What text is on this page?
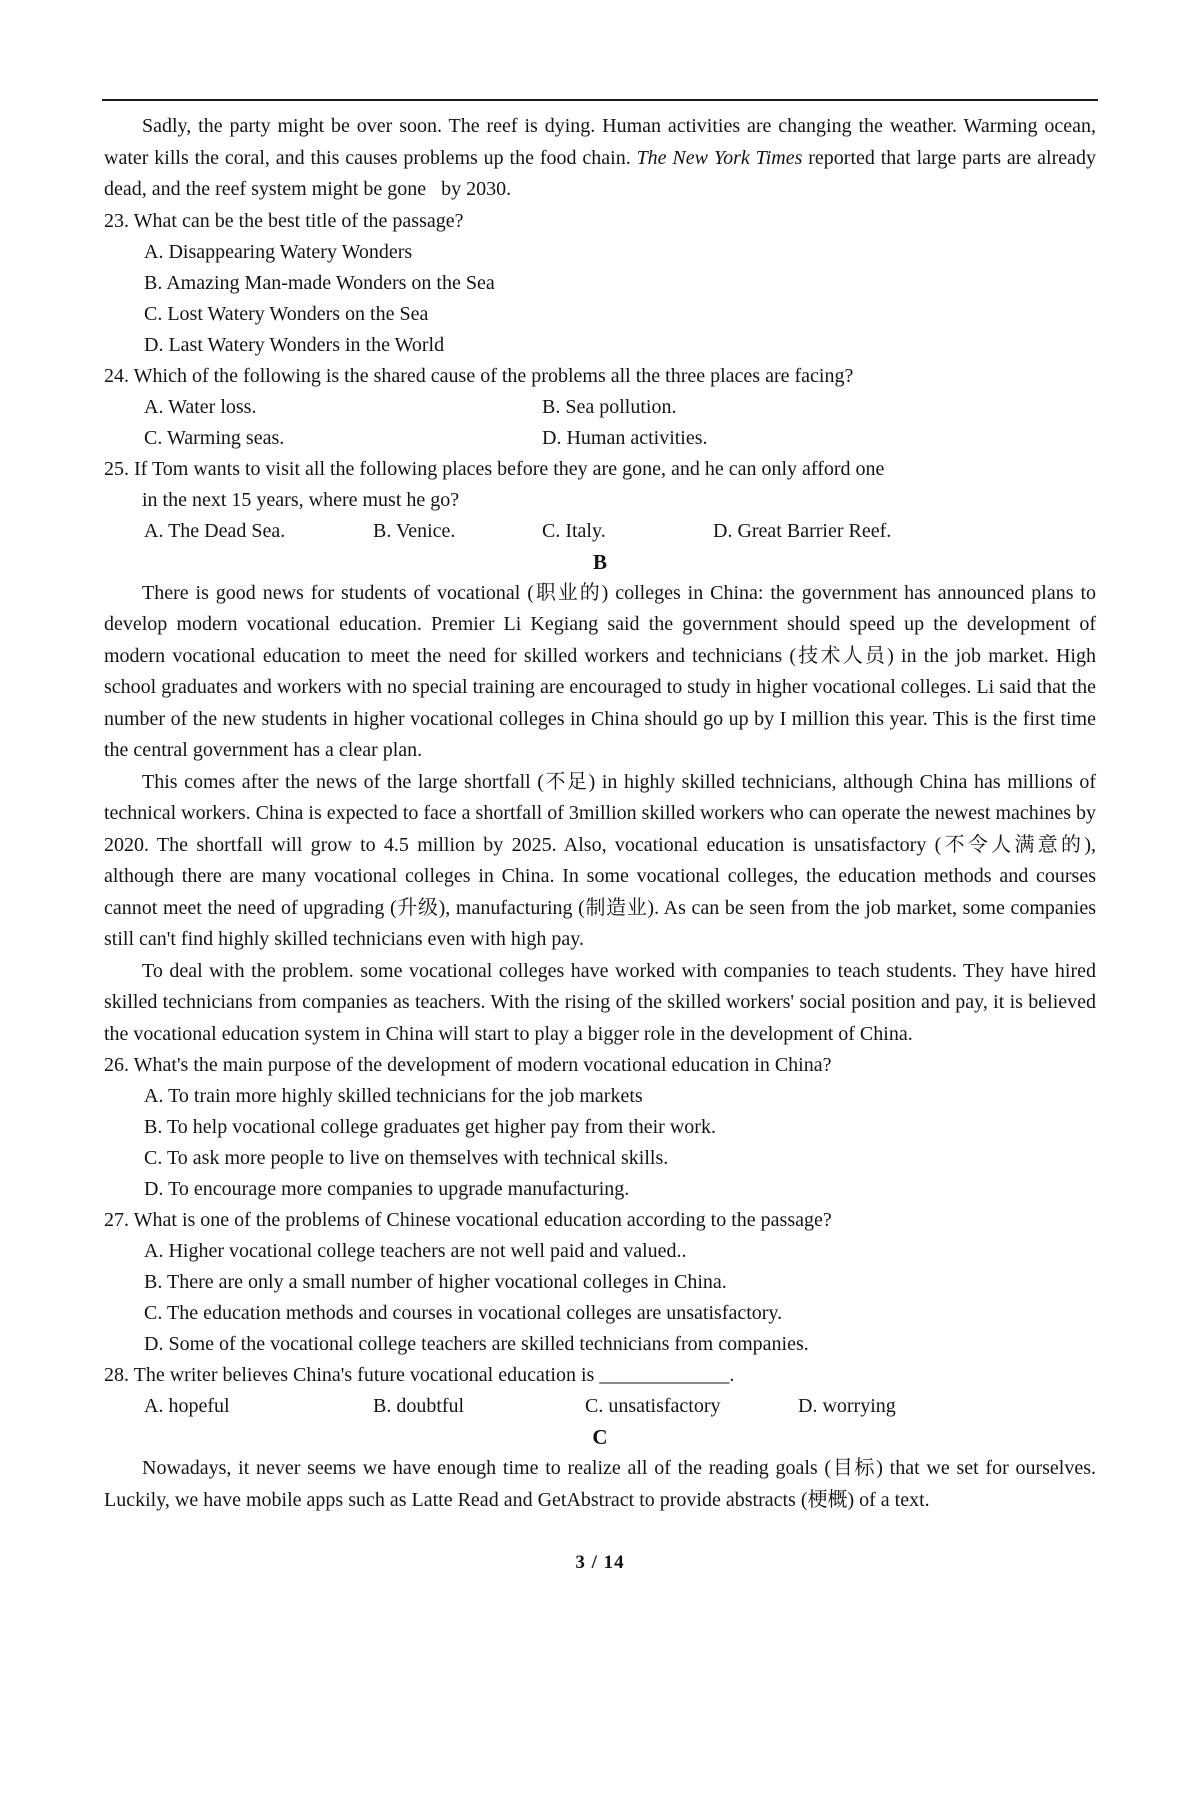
Sadly, the party might be over soon. The reef is dying. Human activities are changing the weather. Warming ocean, water kills the coral, and this causes problems up the food chain. The New York Times reported that large parts are already dead, and the reef system might be gone   by 2030.

23. What can be the best title of the passage?
A. Disappearing Watery Wonders
B. Amazing Man-made Wonders on the Sea
C. Lost Watery Wonders on the Sea
D. Last Watery Wonders in the World
24. Which of the following is the shared cause of the problems all the three places are facing?
A. Water loss.	B. Sea pollution.
C. Warming seas.	D. Human activities.
25. If Tom wants to visit all the following places before they are gone, and he can only afford one
in the next 15 years, where must he go?
A. The Dead Sea.	B. Venice.	C. Italy.	D. Great Barrier Reef.
B

There is good news for students of vocational (职业的) colleges in China: the government has announced plans to develop modern vocational education. Premier Li Kegiang said the government should speed up the development of modern vocational education to meet the need for skilled workers and technicians (技术人员) in the job market. High school graduates and workers with no special training are encouraged to study in higher vocational colleges. Li said that the number of the new students in higher vocational colleges in China should go up by I million this year. This is the first time the central government has a clear plan.

This comes after the news of the large shortfall (不足) in highly skilled technicians, although China has millions of technical workers. China is expected to face a shortfall of 3million skilled workers who can operate the newest machines by 2020. The shortfall will grow to 4.5 million by 2025. Also, vocational education is unsatisfactory (不令人满意的), although there are many vocational colleges in China. In some vocational colleges, the education methods and courses cannot meet the need of upgrading (升级), manufacturing (制造业). As can be seen from the job market, some companies still can't find highly skilled technicians even with high pay.

To deal with the problem. some vocational colleges have worked with companies to teach students. They have hired skilled technicians from companies as teachers. With the rising of the skilled workers' social position and pay, it is believed the vocational education system in China will start to play a bigger role in the development of China.

26. What's the main purpose of the development of modern vocational education in China?
A. To train more highly skilled technicians for the job markets
B. To help vocational college graduates get higher pay from their work.
C. To ask more people to live on themselves with technical skills.
D. To encourage more companies to upgrade manufacturing.
27. What is one of the problems of Chinese vocational education according to the passage?
A. Higher vocational college teachers are not well paid and valued..
B. There are only a small number of higher vocational colleges in China.
C. The education methods and courses in vocational colleges are unsatisfactory.
D. Some of the vocational college teachers are skilled technicians from companies.
28. The writer believes China's future vocational education is _____________.
A. hopeful	B. doubtful	C. unsatisfactory	D. worrying
C

Nowadays, it never seems we have enough time to realize all of the reading goals (目标) that we set for ourselves. Luckily, we have mobile apps such as Latte Read and GetAbstract to provide abstracts (梗概) of a text.

3 / 14
